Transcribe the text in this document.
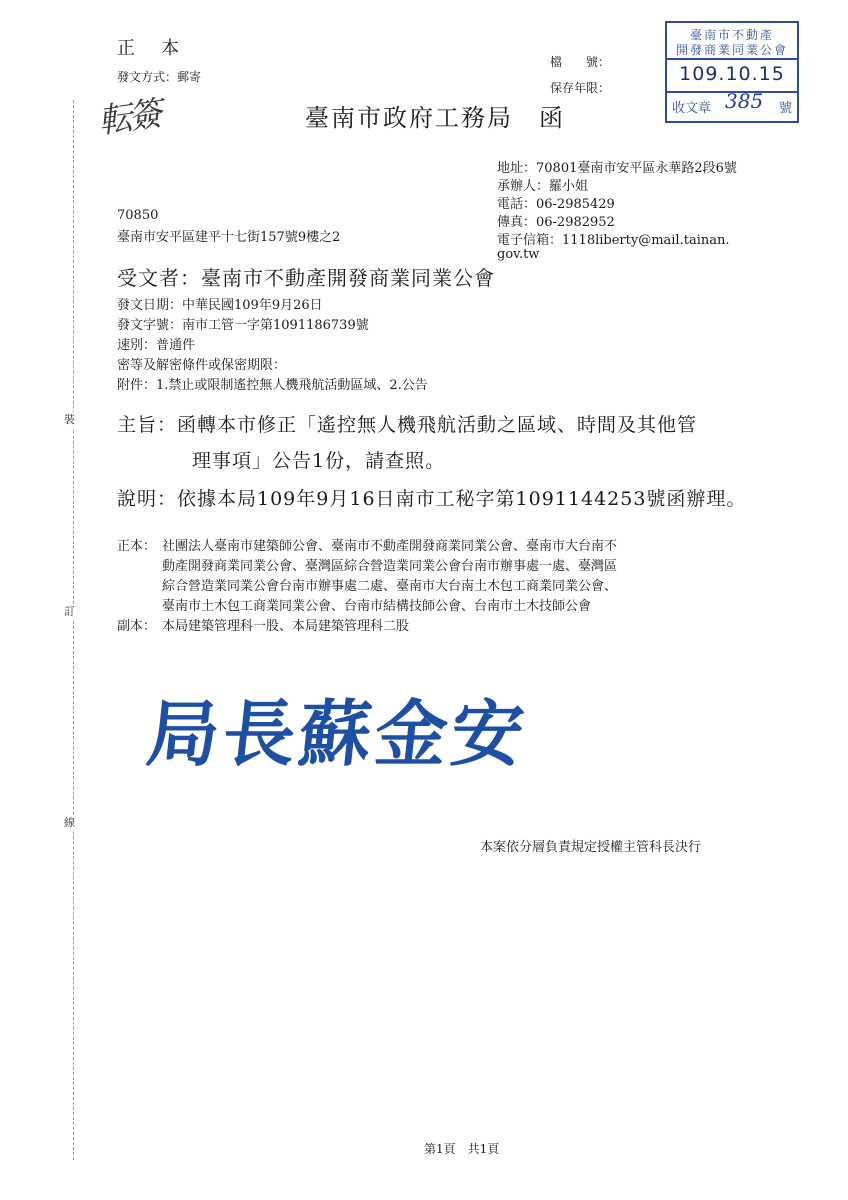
裝
訂
線
正　本
發文方式：郵寄
転簽
檔　　號：
保存年限：
臺南市政府工務局　函
臺南市不動產
開發商業同業公會
109.10.15
收文章 385 號
地址：70801臺南市安平區永華路2段6號
承辦人：羅小姐
電話：06-2985429
傳真：06-2982952
電子信箱：1118liberty@mail.tainan.
gov.tw
70850
臺南市安平區建平十七街157號9樓之2
受文者：臺南市不動產開發商業同業公會
發文日期：中華民國109年9月26日
發文字號：南市工管一字第1091186739號
速別：普通件
密等及解密條件或保密期限：
附件：1.禁止或限制遙控無人機飛航活動區域、2.公告
主旨：函轉本市修正「遙控無人機飛航活動之區域、時間及其他管
理事項」公告1份，請查照。
說明：依據本局109年9月16日南市工秘字第1091144253號函辦理。
正本： 社團法人臺南市建築師公會、臺南市不動產開發商業同業公會、臺南市大台南不
動產開發商業同業公會、臺灣區綜合營造業同業公會台南市辦事處一處、臺灣區
綜合營造業同業公會台南市辦事處二處、臺南市大台南土木包工商業同業公會、
臺南市土木包工商業同業公會、台南市結構技師公會、台南市土木技師公會
副本： 本局建築管理科一股、本局建築管理科二股
局長蘇金安
本案依分層負責規定授權主管科長決行
第1頁　共1頁
